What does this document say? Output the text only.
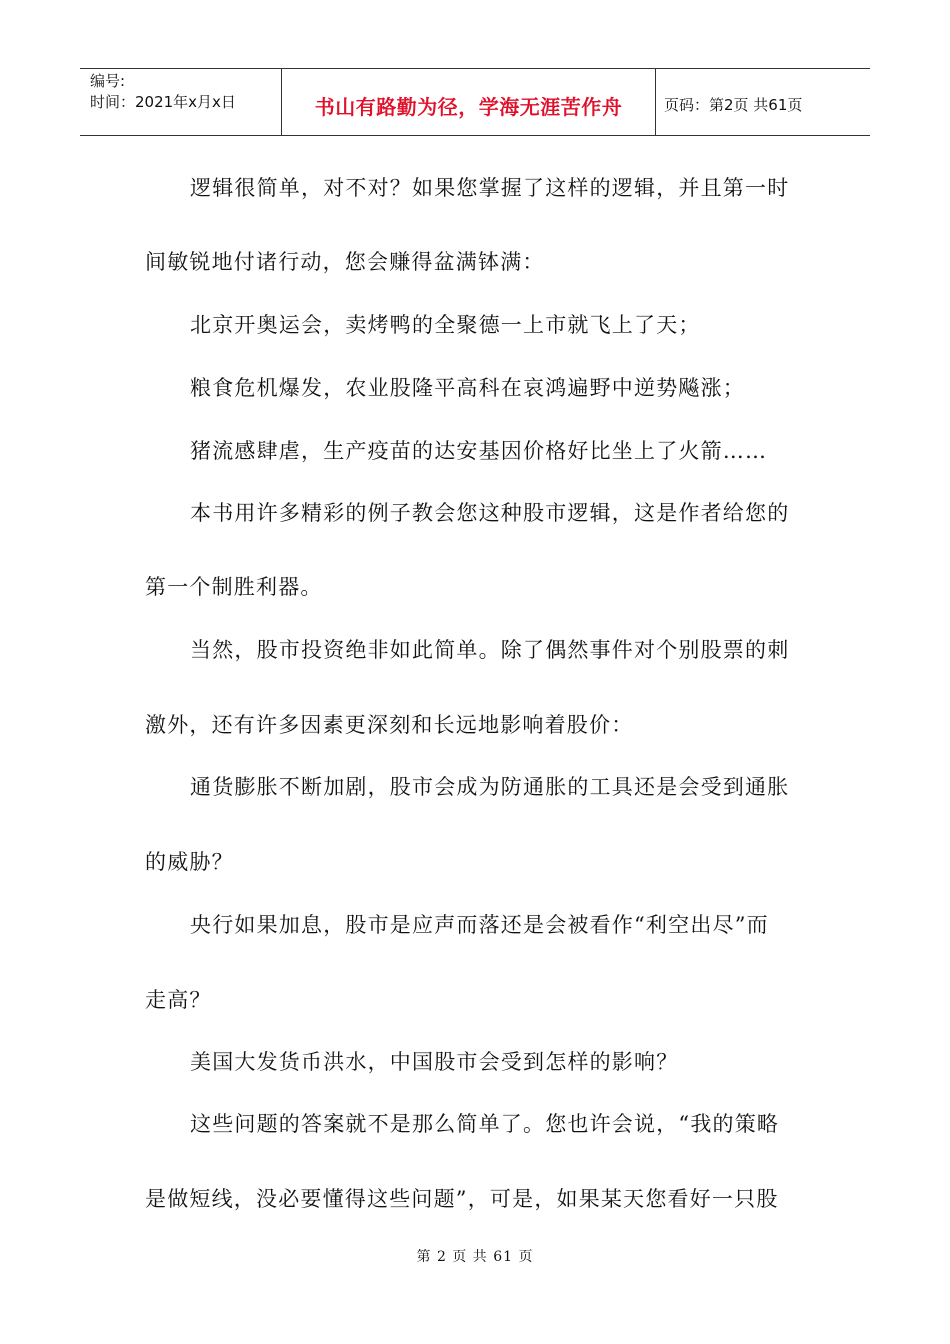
编号:
时间：2021年x月x日	书山有路勤为径，学海无涯苦作舟	页码：第2页 共61页
逻辑很简单，对不对？如果您掌握了这样的逻辑，并且第一时
间敏锐地付诸行动，您会赚得盆满钵满：
北京开奥运会，卖烤鸭的全聚德一上市就飞上了天；
粮食危机爆发，农业股隆平高科在哀鸿遍野中逆势飚涨；
猪流感肆虐，生产疫苗的达安基因价格好比坐上了火箭……
本书用许多精彩的例子教会您这种股市逻辑，这是作者给您的
第一个制胜利器。
当然，股市投资绝非如此简单。除了偶然事件对个别股票的刺
激外，还有许多因素更深刻和长远地影响着股价：
通货膨胀不断加剧，股市会成为防通胀的工具还是会受到通胀
的威胁？
央行如果加息，股市是应声而落还是会被看作“利空出尽”而
走高？
美国大发货币洪水，中国股市会受到怎样的影响？
这些问题的答案就不是那么简单了。您也许会说，“我的策略
是做短线，没必要懂得这些问题”，可是，如果某天您看好一只股
第 2 页 共 61 页
